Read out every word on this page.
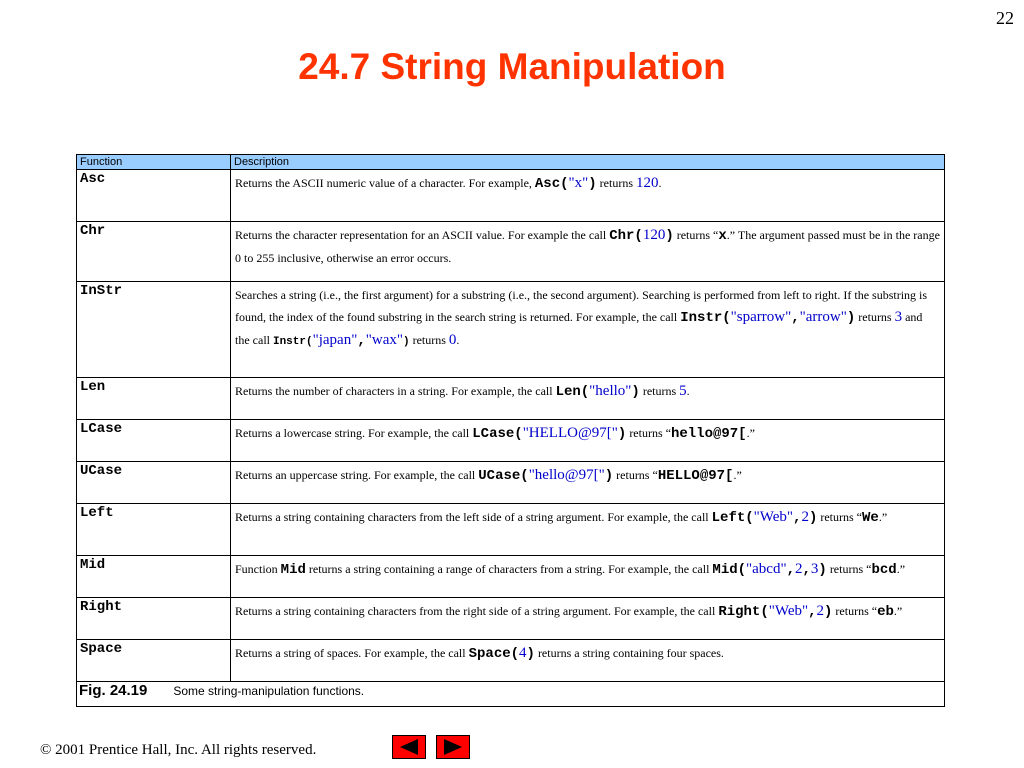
22
24.7 String Manipulation
Function	Description
Asc	Returns the ASCII numeric value of a character. For example, Asc("x") returns 120.
Chr	Returns the character representation for an ASCII value. For example the call Chr(120) returns “x.” The argument passed must be in the range 0 to 255 inclusive, otherwise an error occurs.
InStr	Searches a string (i.e., the first argument) for a substring (i.e., the second argument). Searching is performed from left to right. If the substring is found, the index of the found substring in the search string is returned. For example, the call Instr("sparrow","arrow") returns 3 and the call Instr("japan","wax") returns 0.
Len	Returns the number of characters in a string. For example, the call Len("hello") returns 5.
LCase	Returns a lowercase string. For example, the call LCase("HELLO@97[") returns “hello@97[.”
UCase	Returns an uppercase string. For example, the call UCase("hello@97[") returns “HELLO@97[.”
Left	Returns a string containing characters from the left side of a string argument. For example, the call Left("Web",2) returns “We.”
Mid	Function Mid returns a string containing a range of characters from a string. For example, the call Mid("abcd",2,3) returns “bcd.”
Right	Returns a string containing characters from the right side of a string argument. For example, the call Right("Web",2) returns “eb.”
Space	Returns a string of spaces. For example, the call Space(4) returns a string containing four spaces.
Fig. 24.19 Some string-manipulation functions.	
© 2001 Prentice Hall, Inc. All rights reserved.
